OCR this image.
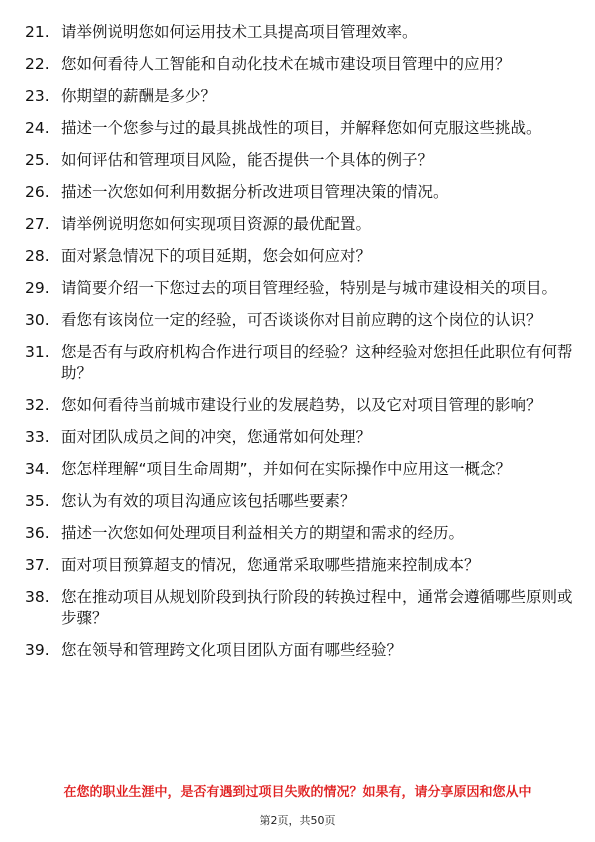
21. 请举例说明您如何运用技术工具提高项目管理效率。
22. 您如何看待人工智能和自动化技术在城市建设项目管理中的应用？
23. 你期望的薪酬是多少？
24. 描述一个您参与过的最具挑战性的项目，并解释您如何克服这些挑战。
25. 如何评估和管理项目风险，能否提供一个具体的例子？
26. 描述一次您如何利用数据分析改进项目管理决策的情况。
27. 请举例说明您如何实现项目资源的最优配置。
28. 面对紧急情况下的项目延期，您会如何应对？
29. 请简要介绍一下您过去的项目管理经验，特别是与城市建设相关的项目。
30. 看您有该岗位一定的经验，可否谈谈你对目前应聘的这个岗位的认识？
31. 您是否有与政府机构合作进行项目的经验？这种经验对您担任此职位有何帮助？
32. 您如何看待当前城市建设行业的发展趋势，以及它对项目管理的影响？
33. 面对团队成员之间的冲突，您通常如何处理？
34. 您怎样理解“项目生命周期”，并如何在实际操作中应用这一概念？
35. 您认为有效的项目沟通应该包括哪些要素？
36. 描述一次您如何处理项目利益相关方的期望和需求的经历。
37. 面对项目预算超支的情况，您通常采取哪些措施来控制成本？
38. 您在推动项目从规划阶段到执行阶段的转换过程中，通常会遵循哪些原则或步骤？
39. 您在领导和管理跨文化项目团队方面有哪些经验？
在您的职业生涯中，是否有遇到过项目失败的情况？如果有，请分享原因和您从中
第2页，共50页
